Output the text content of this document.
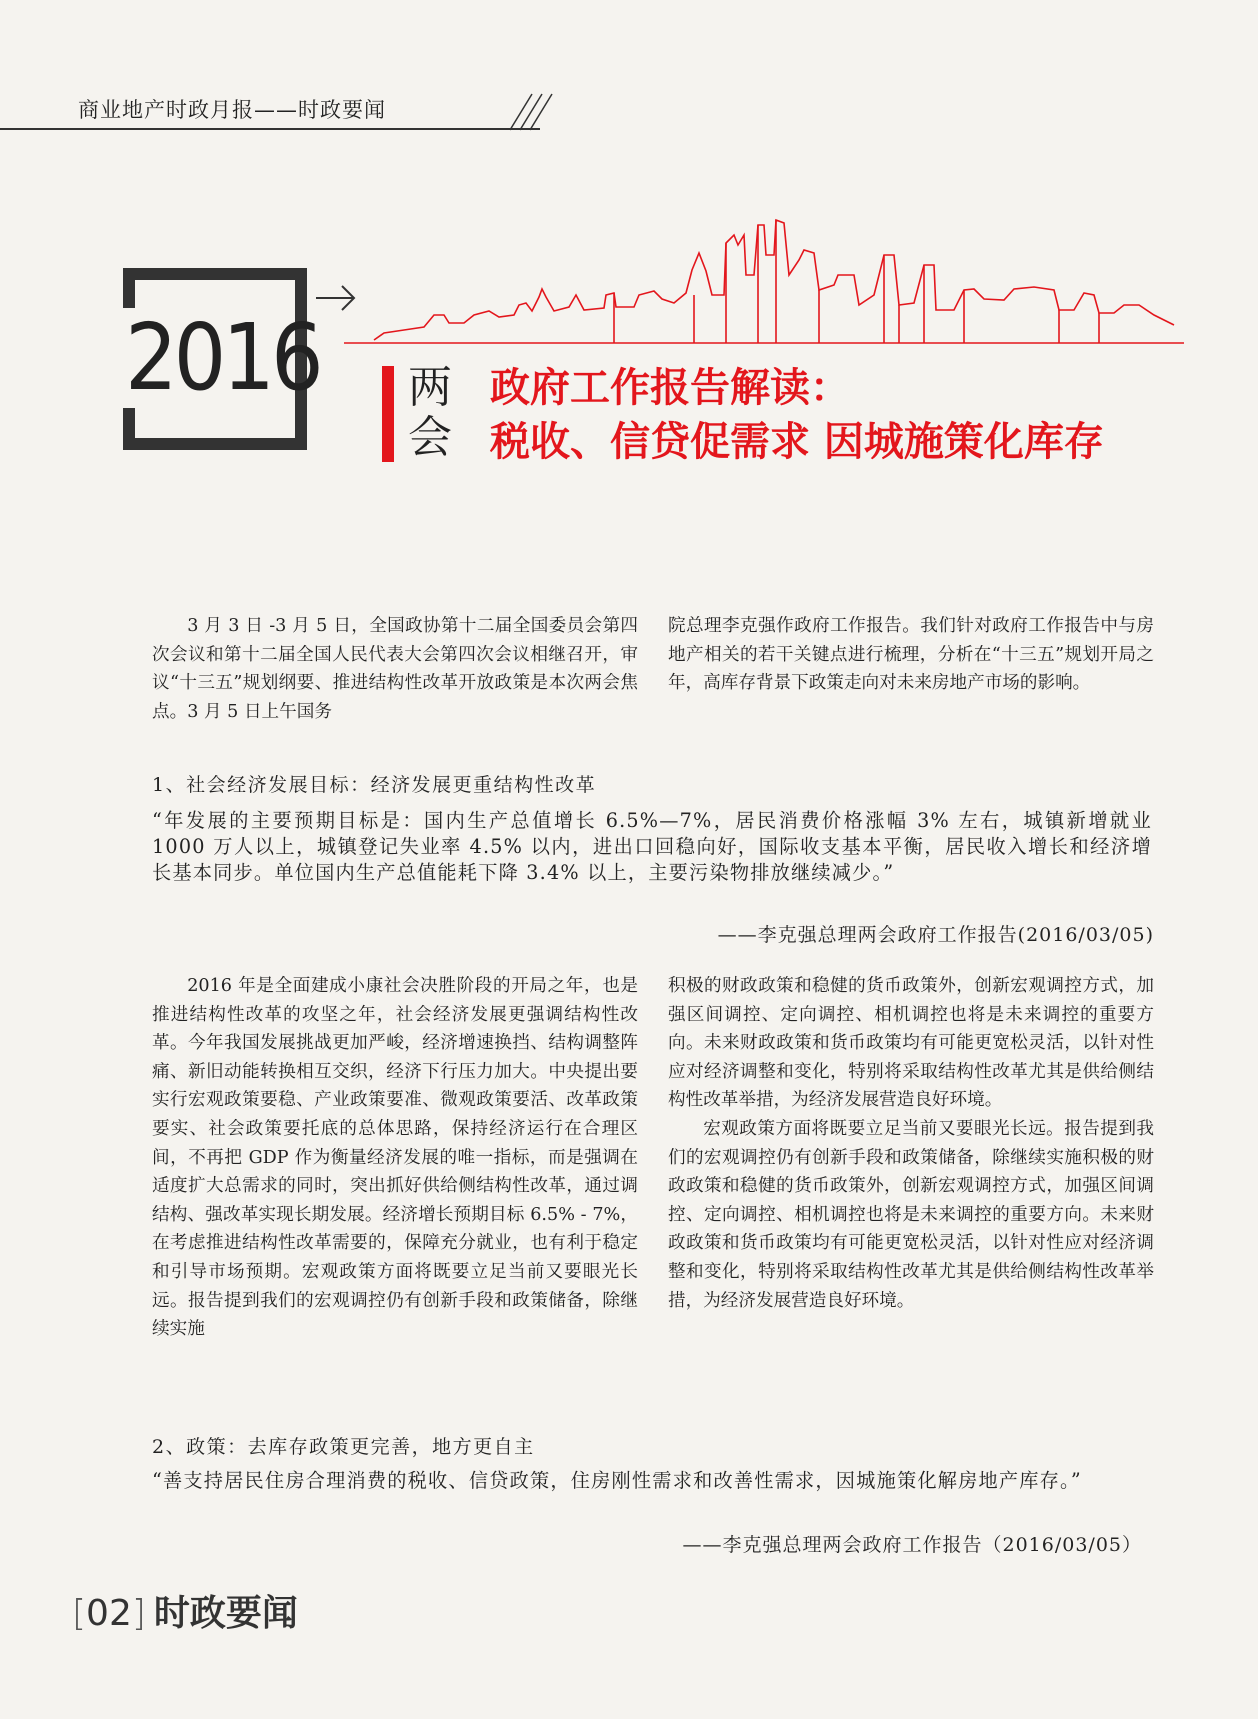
商业地产时政月报——时政要闻
2016 两
会
政府工作报告解读：
税收、信贷促需求 因城施策化库存

3 月 3 日 -3 月 5 日，全国政协第十二届全国委员会第四次会议和第十二届全国人民代表大会第四次会议相继召开，审议“十三五”规划纲要、推进结构性改革开放政策是本次两会焦点。3 月 5 日上午国务

院总理李克强作政府工作报告。我们针对政府工作报告中与房地产相关的若干关键点进行梳理，分析在“十三五”规划开局之年，高库存背景下政策走向对未来房地产市场的影响。

1、社会经济发展目标：经济发展更重结构性改革
“年发展的主要预期目标是：国内生产总值增长 6.5%—7%，居民消费价格涨幅 3% 左右，城镇新增就业 1000 万人以上，城镇登记失业率 4.5% 以内，进出口回稳向好，国际收支基本平衡，居民收入增长和经济增长基本同步。单位国内生产总值能耗下降 3.4% 以上，主要污染物排放继续减少。”
——李克强总理两会政府工作报告(2016/03/05)

2016 年是全面建成小康社会决胜阶段的开局之年，也是推进结构性改革的攻坚之年，社会经济发展更强调结构性改革。今年我国发展挑战更加严峻，经济增速换挡、结构调整阵痛、新旧动能转换相互交织，经济下行压力加大。中央提出要实行宏观政策要稳、产业政策要准、微观政策要活、改革政策要实、社会政策要托底的总体思路，保持经济运行在合理区间，不再把 GDP 作为衡量经济发展的唯一指标，而是强调在适度扩大总需求的同时，突出抓好供给侧结构性改革，通过调结构、强改革实现长期发展。经济增长预期目标 6.5% - 7%，在考虑推进结构性改革需要的，保障充分就业，也有利于稳定和引导市场预期。宏观政策方面将既要立足当前又要眼光长远。报告提到我们的宏观调控仍有创新手段和政策储备，除继续实施

积极的财政政策和稳健的货币政策外，创新宏观调控方式，加强区间调控、定向调控、相机调控也将是未来调控的重要方向。未来财政政策和货币政策均有可能更宽松灵活，以针对性应对经济调整和变化，特别将采取结构性改革尤其是供给侧结构性改革举措，为经济发展营造良好环境。

宏观政策方面将既要立足当前又要眼光长远。报告提到我们的宏观调控仍有创新手段和政策储备，除继续实施积极的财政政策和稳健的货币政策外，创新宏观调控方式，加强区间调控、定向调控、相机调控也将是未来调控的重要方向。未来财政政策和货币政策均有可能更宽松灵活，以针对性应对经济调整和变化，特别将采取结构性改革尤其是供给侧结构性改革举措，为经济发展营造良好环境。

2、政策：去库存政策更完善，地方更自主
“善支持居民住房合理消费的税收、信贷政策，住房刚性需求和改善性需求，因城施策化解房地产库存。”
——李克强总理两会政府工作报告（2016/03/05）
[02] 时政要闻
